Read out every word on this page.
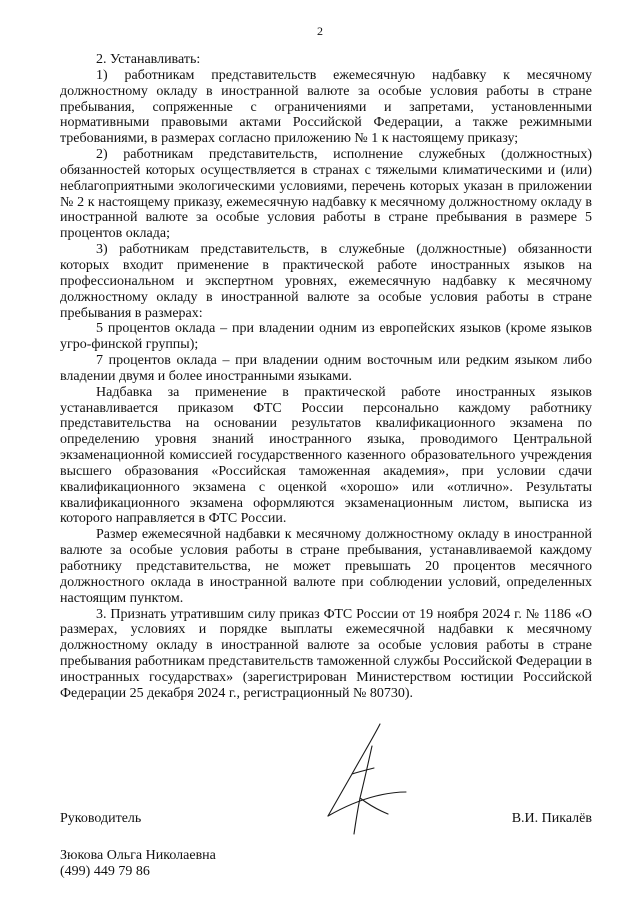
2

2. Устанавливать:

1) работникам представительств ежемесячную надбавку к месячному должностному окладу в иностранной валюте за особые условия работы в стране пребывания, сопряженные с ограничениями и запретами, установленными нормативными правовыми актами Российской Федерации, а также режимными требованиями, в размерах согласно приложению № 1 к настоящему приказу;

2) работникам представительств, исполнение служебных (должностных) обязанностей которых осуществляется в странах с тяжелыми климатическими и (или) неблагоприятными экологическими условиями, перечень которых указан в приложении № 2 к настоящему приказу, ежемесячную надбавку к месячному должностному окладу в иностранной валюте за особые условия работы в стране пребывания в размере 5 процентов оклада;

3) работникам представительств, в служебные (должностные) обязанности которых входит применение в практической работе иностранных языков на профессиональном и экспертном уровнях, ежемесячную надбавку к месячному должностному окладу в иностранной валюте за особые условия работы в стране пребывания в размерах:

5 процентов оклада – при владении одним из европейских языков (кроме языков угро-финской группы);

7 процентов оклада – при владении одним восточным или редким языком либо владении двумя и более иностранными языками.

Надбавка за применение в практической работе иностранных языков устанавливается приказом ФТС России персонально каждому работнику представительства на основании результатов квалификационного экзамена по определению уровня знаний иностранного языка, проводимого Центральной экзаменационной комиссией государственного казенного образовательного учреждения высшего образования «Российская таможенная академия», при условии сдачи квалификационного экзамена с оценкой «хорошо» или «отлично». Результаты квалификационного экзамена оформляются экзаменационным листом, выписка из которого направляется в ФТС России.

Размер ежемесячной надбавки к месячному должностному окладу в иностранной валюте за особые условия работы в стране пребывания, устанавливаемой каждому работнику представительства, не может превышать 20 процентов месячного должностного оклада в иностранной валюте при соблюдении условий, определенных настоящим пунктом.

3. Признать утратившим силу приказ ФТС России от 19 ноября 2024 г. № 1186 «О размерах, условиях и порядке выплаты ежемесячной надбавки к месячному должностному окладу в иностранной валюте за особые условия работы в стране пребывания работникам представительств таможенной службы Российской Федерации в иностранных государствах» (зарегистрирован Министерством юстиции Российской Федерации 25 декабря 2024 г., регистрационный № 80730).

Руководитель	В.И. Пикалёв
Зюкова Ольга Николаевна
(499) 449 79 86
